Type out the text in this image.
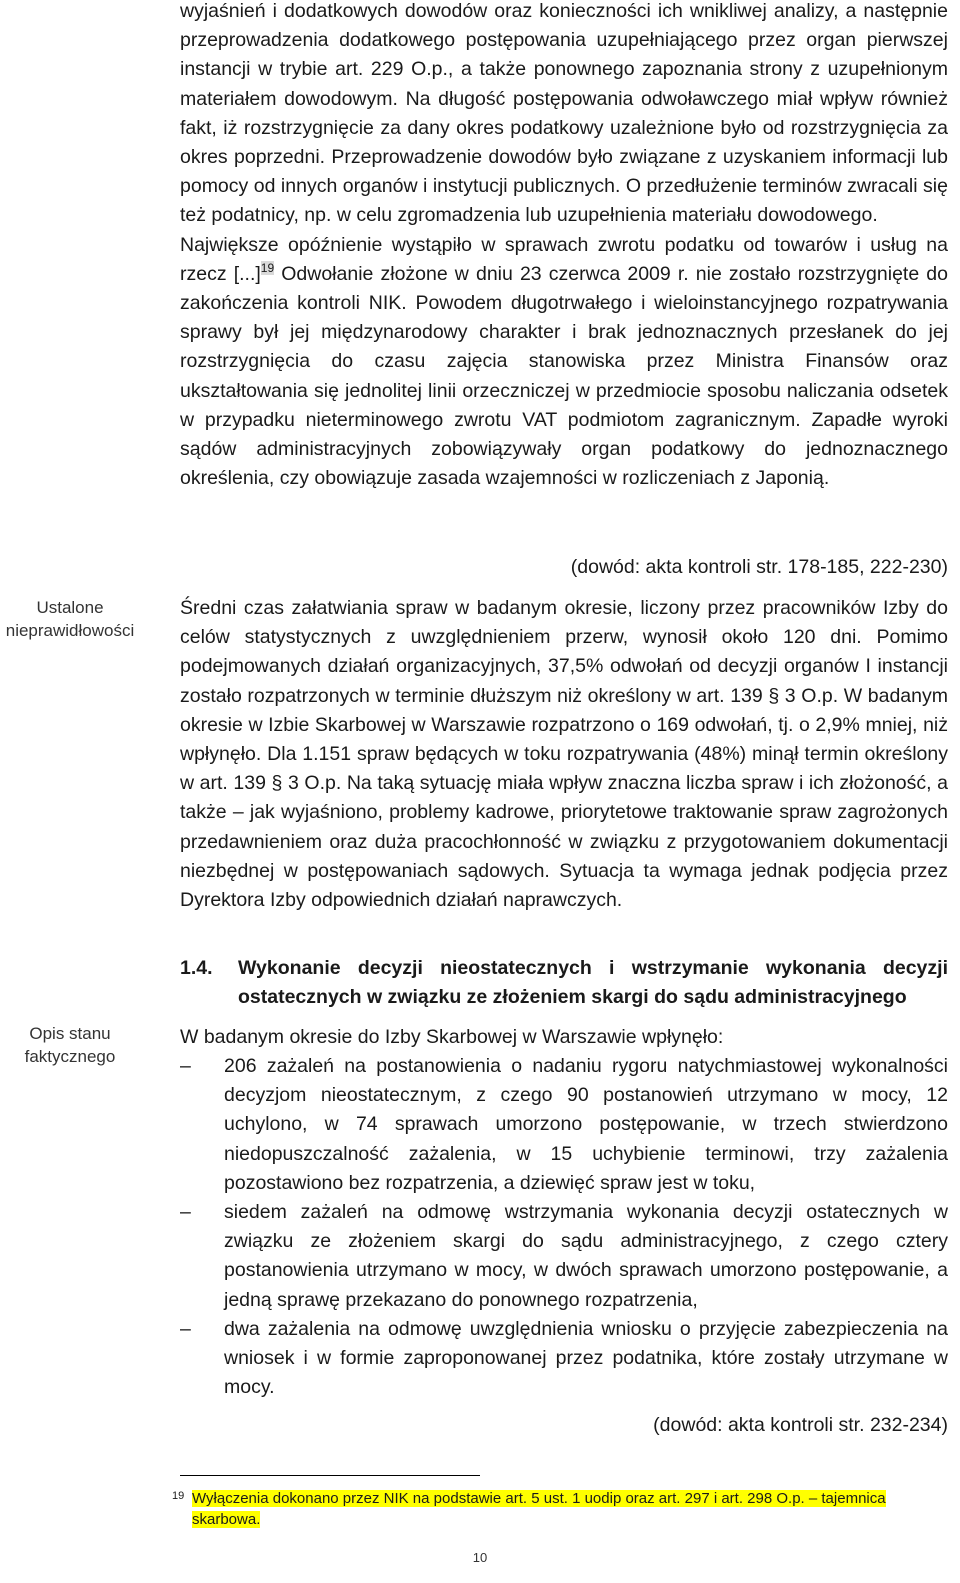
wyjaśnień i dodatkowych dowodów oraz konieczności ich wnikliwej analizy, a następnie przeprowadzenia dodatkowego postępowania uzupełniającego przez organ pierwszej instancji w trybie art. 229 O.p., a także ponownego zapoznania strony z uzupełnionym materiałem dowodowym. Na długość postępowania odwoławczego miał wpływ również fakt, iż rozstrzygnięcie za dany okres podatkowy uzależnione było od rozstrzygnięcia za okres poprzedni. Przeprowadzenie dowodów było związane z uzyskaniem informacji lub pomocy od innych organów i instytucji publicznych. O przedłużenie terminów zwracali się też podatnicy, np. w celu zgromadzenia lub uzupełnienia materiału dowodowego.

Największe opóźnienie wystąpiło w sprawach zwrotu podatku od towarów i usług na rzecz [...]$^{19}$ Odwołanie złożone w dniu 23 czerwca 2009 r. nie zostało rozstrzygnięte do zakończenia kontroli NIK. Powodem długotrwałego i wieloinstancyjnego rozpatrywania sprawy był jej międzynarodowy charakter i brak jednoznacznych przesłanek do jej rozstrzygnięcia do czasu zajęcia stanowiska przez Ministra Finansów oraz ukształtowania się jednolitej linii orzeczniczej w przedmiocie sposobu naliczania odsetek w przypadku nieterminowego zwrotu VAT podmiotom zagranicznym. Zapadłe wyroki sądów administracyjnych zobowiązywały organ podatkowy do jednoznacznego określenia, czy obowiązuje zasada wzajemności w rozliczeniach z Japonią.

(dowód: akta kontroli str. 178-185, 222-230)
Ustalone
nieprawidłowości

Średni czas załatwiania spraw w badanym okresie, liczony przez pracowników Izby do celów statystycznych z uwzględnieniem przerw, wynosił około 120 dni. Pomimo podejmowanych działań organizacyjnych, 37,5% odwołań od decyzji organów I instancji zostało rozpatrzonych w terminie dłuższym niż określony w art. 139 § 3 O.p. W badanym okresie w Izbie Skarbowej w Warszawie rozpatrzono o 169 odwołań, tj. o 2,9% mniej, niż wpłynęło. Dla 1.151 spraw będących w toku rozpatrywania (48%) minął termin określony w art. 139 § 3 O.p. Na taką sytuację miała wpływ znaczna liczba spraw i ich złożoność, a także – jak wyjaśniono, problemy kadrowe, priorytetowe traktowanie spraw zagrożonych przedawnieniem oraz duża pracochłonność w związku z przygotowaniem dokumentacji niezbędnej w postępowaniach sądowych. Sytuacja ta wymaga jednak podjęcia przez Dyrektora Izby odpowiednich działań naprawczych.

1.4. Wykonanie decyzji nieostatecznych i wstrzymanie wykonania decyzji ostatecznych w związku ze złożeniem skargi do sądu administracyjnego
Opis stanu
faktycznego
W badanym okresie do Izby Skarbowej w Warszawie wpłynęło:
–	206 zażaleń na postanowienia o nadaniu rygoru natychmiastowej wykonalności decyzjom nieostatecznym, z czego 90 postanowień utrzymano w mocy, 12 uchylono, w 74 sprawach umorzono postępowanie, w trzech stwierdzono niedopuszczalność zażalenia, w 15 uchybienie terminowi, trzy zażalenia pozostawiono bez rozpatrzenia, a dziewięć spraw jest w toku,
–	siedem zażaleń na odmowę wstrzymania wykonania decyzji ostatecznych w związku ze złożeniem skargi do sądu administracyjnego, z czego cztery postanowienia utrzymano w mocy, w dwóch sprawach umorzono postępowanie, a jedną sprawę przekazano do ponownego rozpatrzenia,
–	dwa zażalenia na odmowę uwzględnienia wniosku o przyjęcie zabezpieczenia na wniosek i w formie zaproponowanej przez podatnika, które zostały utrzymane w mocy.
(dowód: akta kontroli str. 232-234)
19 Wyłączenia dokonano przez NIK na podstawie art. 5 ust. 1 uodip oraz art. 297 i art. 298 O.p. – tajemnica skarbowa.
10
